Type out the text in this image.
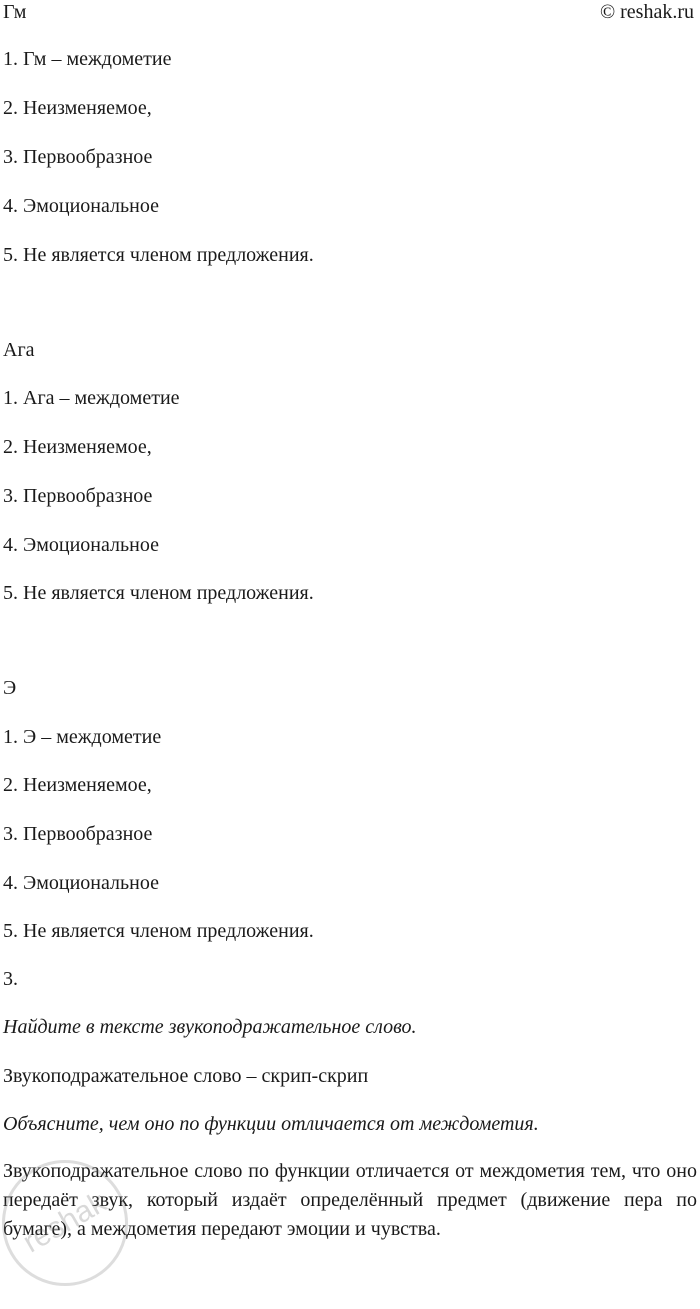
Гм	© reshak.ru
1. Гм – междометие
2. Неизменяемое,
3. Первообразное
4. Эмоциональное
5. Не является членом предложения.
Ага
1. Ага – междометие
2. Неизменяемое,
3. Первообразное
4. Эмоциональное
5. Не является членом предложения.
Э
1. Э – междометие
2. Неизменяемое,
3. Первообразное
4. Эмоциональное
5. Не является членом предложения.
3.
Найдите в тексте звукоподражательное слово.
Звукоподражательное слово – скрип-скрип
Объясните, чем оно по функции отличается от междометия.
Звукоподражательное слово по функции отличается от междометия тем, что оно передаёт звук, который издаёт определённый предмет (движение пера по бумаге), а междометия передают эмоции и чувства.
reshak
